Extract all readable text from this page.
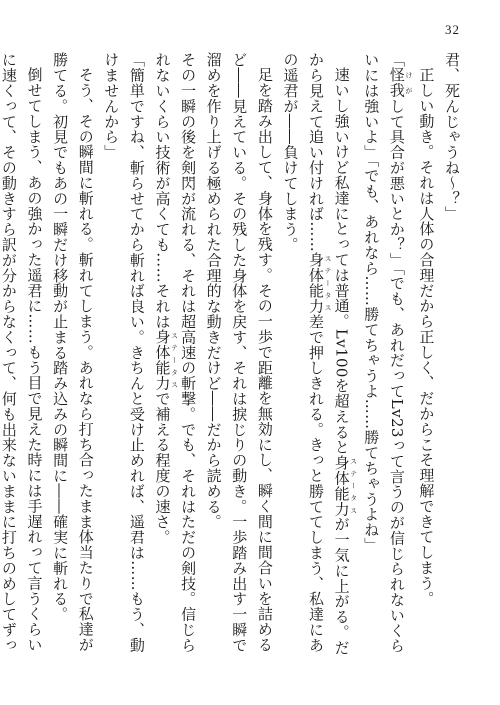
32

君、死んじゃうね〜？」

正しい動き。それは人体の合理だから正しく、だからこそ理解できてしまう。

「怪我 けがして具合が悪いとか？」「でも、あれだってLv23って言うのが信じられないくらいには強いよ」「でも、あれなら……勝てちゃうよ……勝てちゃうよね」

速いし強いけど私達にとっては普通。Lv100を超えると身体能力 ステータスが一気に上がる。だから見えて追い付ければ……身体能力 ステータス差で押しきれる。きっと勝ててしまう、私達にあの遥君が――負けてしまう。

足を踏み出して、身体を残す。その一歩で距離を無効にし、瞬く間に間合いを詰めるど――見えている。その残した身体を戻す、それは捩じりの動き。一歩踏み出す一瞬で溜めを作り上げる極められた合理的な動きだけど――だから読める。

その一瞬の後を剣閃が流れる、それは超高速の斬撃。でも、それはただの剣技。信じられないくらい技術が高くても……それは身体能力 ステータスで補える程度の速さ。

「簡単ですね、斬らせてから斬れば良い。きちんと受け止めれば、遥君は……もう、動けませんから」

そう、その瞬間に斬れる。斬れてしまう。あれなら打ち合ったまま体当たりで私達が勝てる。初見でもあの一瞬だけ移動が止まる踏み込みの瞬間に――確実に斬れる。

倒せてしまう、あの強かった遥君に……もう目で見えた時には手遅れって言うくらいに速くって、その動きすら訳が分からなくって、何も出来ないままに打ちのめしてずっ
